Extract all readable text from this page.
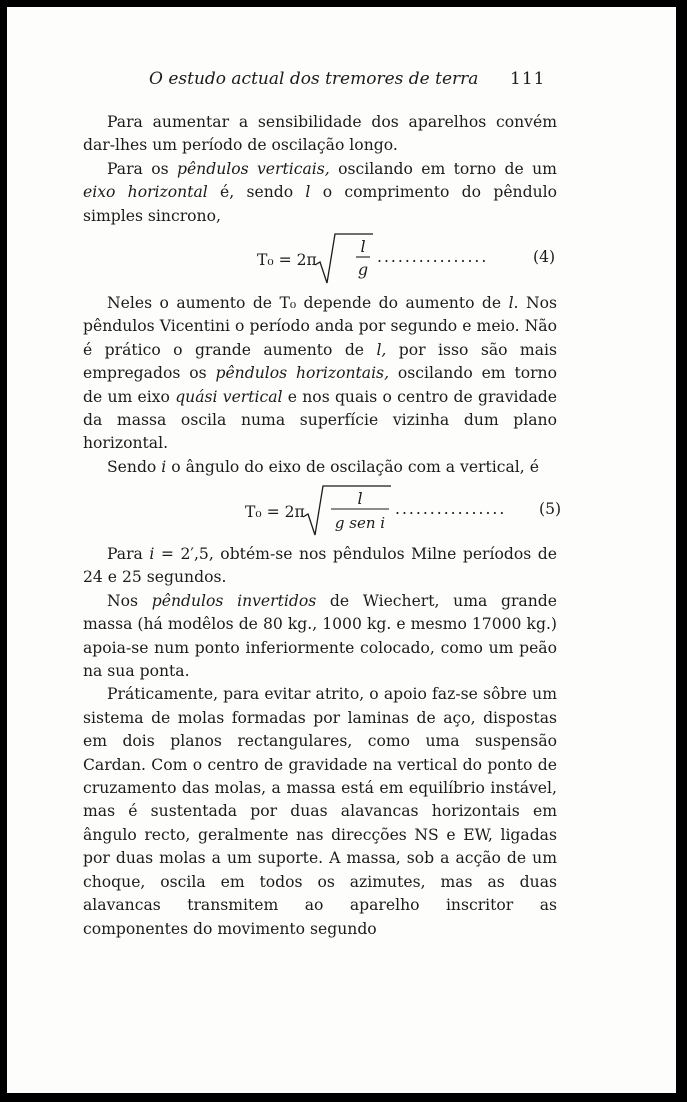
O estudo actual dos tremores de terra 111

Para aumentar a sensibilidade dos aparelhos convém dar-lhes um período de oscilação longo.

Para os pêndulos verticais, oscilando em torno de um eixo horizontal é, sendo l o comprimento do pêndulo simples sincrono,

T₀ = 2π
l
g
................	(4)

Neles o aumento de T₀ depende do aumento de l. Nos pêndulos Vicentini o período anda por segundo e meio. Não é prático o grande aumento de l, por isso são mais empregados os pêndulos horizontais, oscilando em torno de um eixo quási vertical e nos quais o centro de gravidade da massa oscila numa superfície vizinha dum plano horizontal.

Sendo i o ângulo do eixo de oscilação com a vertical, é

T₀ = 2π
l
g sen i
................ (5)

Para i = 2′,5, obtém-se nos pêndulos Milne períodos de 24 e 25 segundos.

Nos pêndulos invertidos de Wiechert, uma grande massa (há modêlos de 80 kg., 1000 kg. e mesmo 17000 kg.) apoia-se num ponto inferiormente colocado, como um peão na sua ponta.

Práticamente, para evitar atrito, o apoio faz-se sôbre um sistema de molas formadas por laminas de aço, dispostas em dois planos rectangulares, como uma suspensão Cardan. Com o centro de gravidade na vertical do ponto de cruzamento das molas, a massa está em equilíbrio instável, mas é sustentada por duas alavancas horizontais em ângulo recto, geralmente nas direcções NS e EW, ligadas por duas molas a um suporte. A massa, sob a acção de um choque, oscila em todos os azimutes, mas as duas alavancas transmitem ao aparelho inscritor as componentes do movimento segundo
